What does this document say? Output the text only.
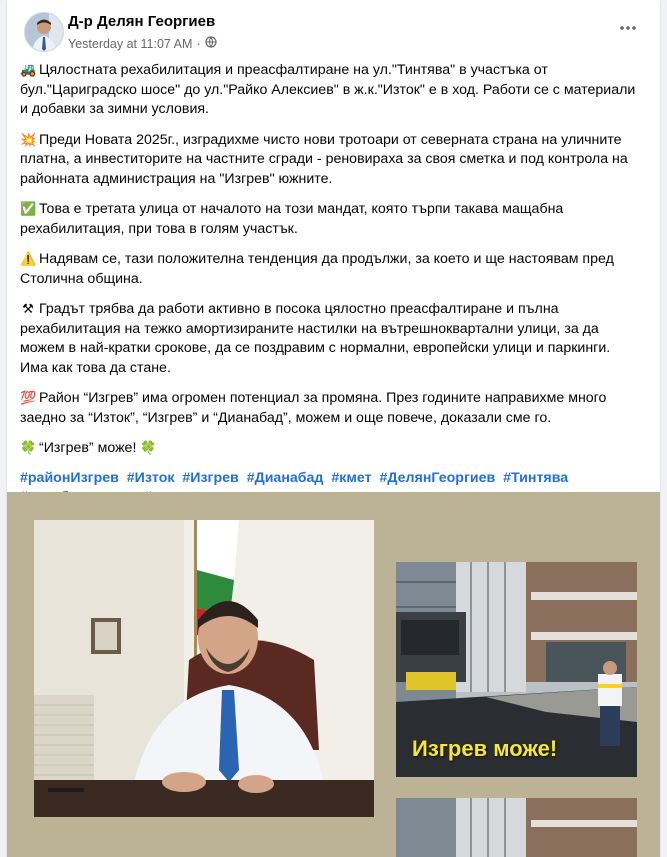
Д-р Делян Георгиев
Yesterday at 11:07 AM ·

🚜 Цялостната рехабилитация и преасфалтиране на ул."Тинтява" в участъка от бул."Цариградско шосе" до ул."Райко Алексиев" в ж.к."Изток" е в ход. Работи се с материали и добавки за зимни условия.

💥 Преди Новата 2025г., изградихме чисто нови тротоари от северната страна на уличните платна, а инвеститорите на частните сгради - реновираха за своя сметка и под контрола на районната администрация на "Изгрев" южните.

✅ Това е третата улица от началото на този мандат, която търпи такава мащабна рехабилитация, при това в голям участък.

⚠️ Надявам се, тази положителна тенденция да продължи, за което и ще настоявам пред Столична община.

⚒ Градът трябва да работи активно в посока цялостно преасфалтиране и пълна рехабилитация на тежко амортизираните настилки на вътрешноквартални улици, за да можем в най-кратки срокове, да се поздравим с нормални, европейски улици и паркинги. Има как това да стане.

💯 Район “Изгрев” има огромен потенциал за промяна. През годините направихме много заедно за “Изток”, “Изгрев” и “Дианабад”, можем и още повече, доказали сме го.

🍀 “Изгрев” може! 🍀

#районИзгрев #Изток #Изгрев #Дианабад #кмет #ДелянГеоргиев #Тинтява

Изгрев може!
